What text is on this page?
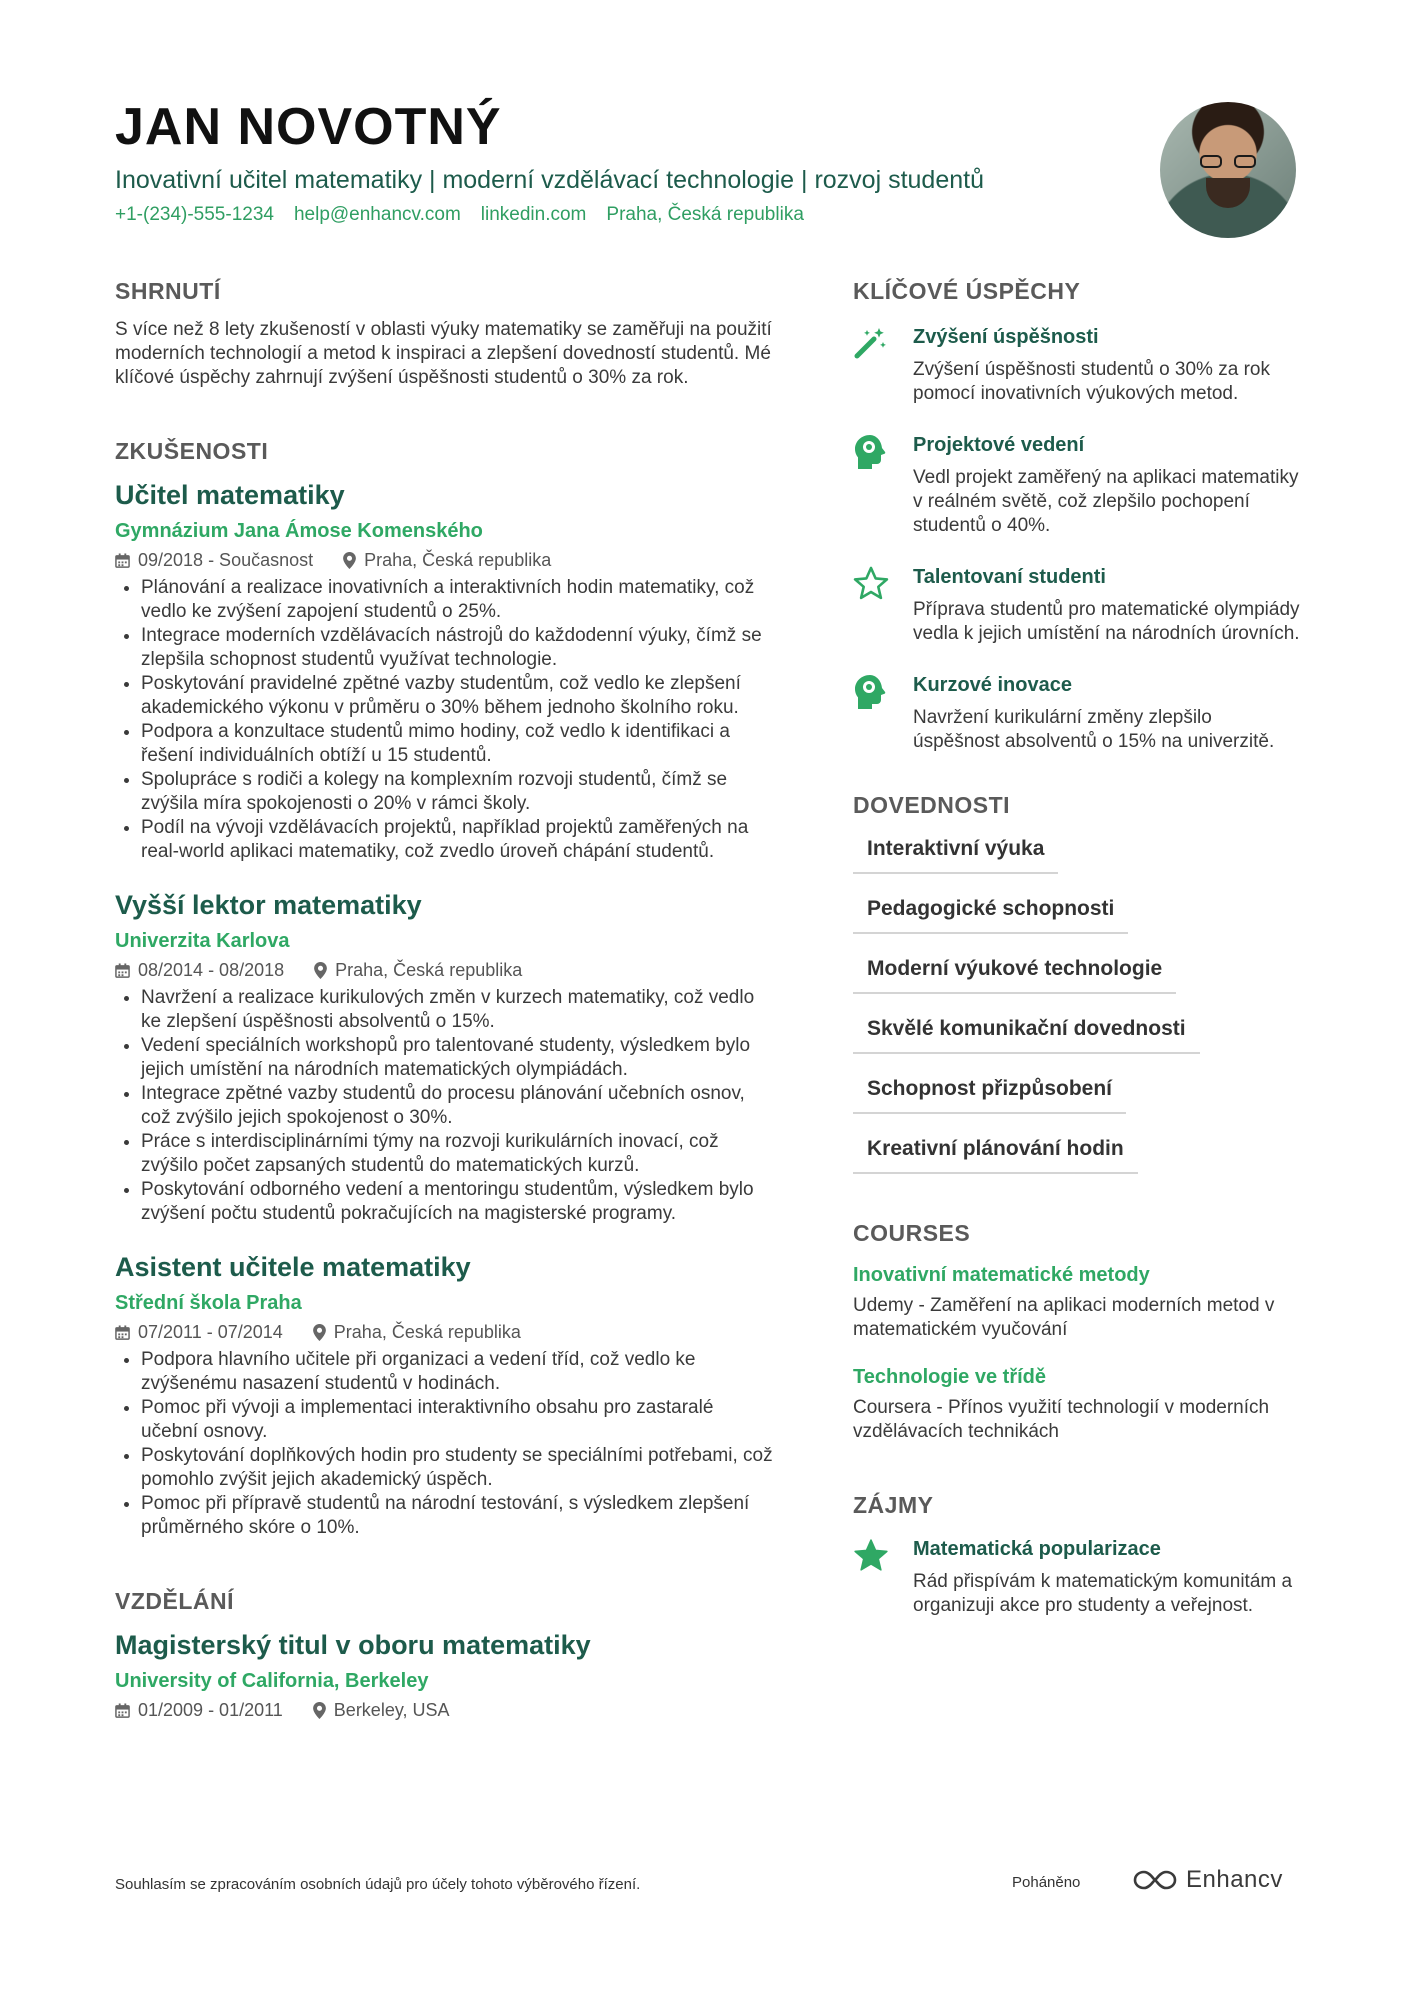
JAN NOVOTNÝ
Inovativní učitel matematiky | moderní vzdělávací technologie | rozvoj studentů
+1-(234)-555-1234 help@enhancv.com linkedin.com Praha, Česká republika
SHRNUTÍ

S více než 8 lety zkušeností v oblasti výuky matematiky se zaměřuji na použití moderních technologií a metod k inspiraci a zlepšení dovedností studentů. Mé klíčové úspěchy zahrnují zvýšení úspěšnosti studentů o 30% za rok.

ZKUŠENOSTI
Učitel matematiky
Gymnázium Jana Ámose Komenského
09/2018 - Současnost	Praha, Česká republika
• Plánování a realizace inovativních a interaktivních hodin matematiky, což vedlo ke zvýšení zapojení studentů o 25%.
• Integrace moderních vzdělávacích nástrojů do každodenní výuky, čímž se zlepšila schopnost studentů využívat technologie.
• Poskytování pravidelné zpětné vazby studentům, což vedlo ke zlepšení akademického výkonu v průměru o 30% během jednoho školního roku.
• Podpora a konzultace studentů mimo hodiny, což vedlo k identifikaci a řešení individuálních obtíží u 15 studentů.
• Spolupráce s rodiči a kolegy na komplexním rozvoji studentů, čímž se zvýšila míra spokojenosti o 20% v rámci školy.
• Podíl na vývoji vzdělávacích projektů, například projektů zaměřených na real-world aplikaci matematiky, což zvedlo úroveň chápání studentů.
Vyšší lektor matematiky
Univerzita Karlova
08/2014 - 08/2018	Praha, Česká republika
• Navržení a realizace kurikulových změn v kurzech matematiky, což vedlo ke zlepšení úspěšnosti absolventů o 15%.
• Vedení speciálních workshopů pro talentované studenty, výsledkem bylo jejich umístění na národních matematických olympiádách.
• Integrace zpětné vazby studentů do procesu plánování učebních osnov, což zvýšilo jejich spokojenost o 30%.
• Práce s interdisciplinárními týmy na rozvoji kurikulárních inovací, což zvýšilo počet zapsaných studentů do matematických kurzů.
• Poskytování odborného vedení a mentoringu studentům, výsledkem bylo zvýšení počtu studentů pokračujících na magisterské programy.
Asistent učitele matematiky
Střední škola Praha
07/2011 - 07/2014	Praha, Česká republika
• Podpora hlavního učitele při organizaci a vedení tříd, což vedlo ke zvýšenému nasazení studentů v hodinách.
• Pomoc při vývoji a implementaci interaktivního obsahu pro zastaralé učební osnovy.
• Poskytování doplňkových hodin pro studenty se speciálními potřebami, což pomohlo zvýšit jejich akademický úspěch.
• Pomoc při přípravě studentů na národní testování, s výsledkem zlepšení průměrného skóre o 10%.
VZDĚLÁNÍ
Magisterský titul v oboru matematiky
University of California, Berkeley
01/2009 - 01/2011	Berkeley, USA
KLÍČOVÉ ÚSPĚCHY
Zvýšení úspěšnosti
Zvýšení úspěšnosti studentů o 30% za rok pomocí inovativních výukových metod.
Projektové vedení
Vedl projekt zaměřený na aplikaci matematiky v reálném světě, což zlepšilo pochopení studentů o 40%.
Talentovaní studenti
Příprava studentů pro matematické olympiády vedla k jejich umístění na národních úrovních.
Kurzové inovace
Navržení kurikulární změny zlepšilo úspěšnost absolventů o 15% na univerzitě.
DOVEDNOSTI
Interaktivní výuka
Pedagogické schopnosti
Moderní výukové technologie
Skvělé komunikační dovednosti
Schopnost přizpůsobení
Kreativní plánování hodin
COURSES
Inovativní matematické metody
Udemy - Zaměření na aplikaci moderních metod v matematickém vyučování
Technologie ve třídě
Coursera - Přínos využití technologií v moderních vzdělávacích technikách
ZÁJMY
Matematická popularizace
Rád přispívám k matematickým komunitám a organizuji akce pro studenty a veřejnost.
Souhlasím se zpracováním osobních údajů pro účely tohoto výběrového řízení.	Poháněno	Enhancv
